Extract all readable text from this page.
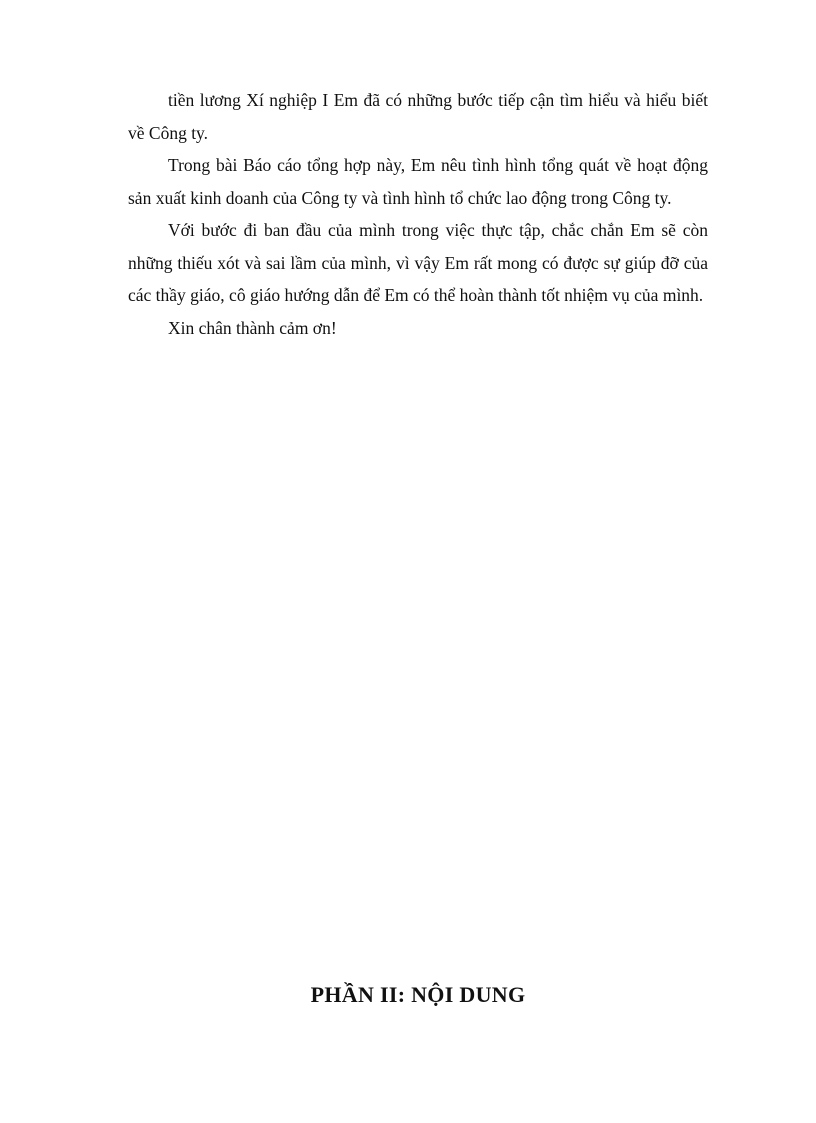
tiền lương Xí nghiệp I Em đã có những bước tiếp cận tìm hiểu và hiểu biết về Công ty.

Trong bài Báo cáo tổng hợp này, Em nêu tình hình tổng quát về hoạt động sản xuất kinh doanh của Công ty và tình hình tổ chức lao động trong Công ty.

Với bước đi ban đầu của mình trong việc thực tập, chắc chắn Em sẽ còn những thiếu xót và sai lầm của mình, vì vậy Em rất mong có được sự giúp đỡ của các thầy giáo, cô giáo hướng dẫn để Em có thể hoàn thành tốt nhiệm vụ của mình.

Xin chân thành cảm ơn!

PHẦN II: NỘI DUNG
